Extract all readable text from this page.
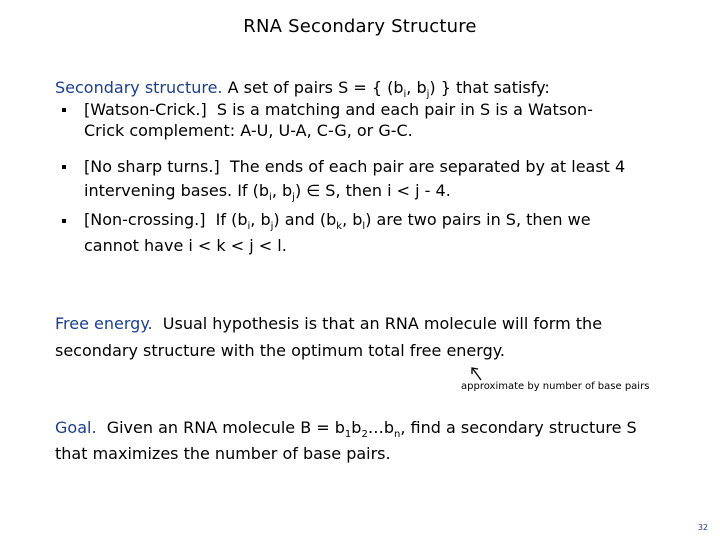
RNA Secondary Structure
Secondary structure. A set of pairs S = { ($b_i$, $b_j$) } that satisfy:
[Watson-Crick.] S is a matching and each pair in S is a Watson-
Crick complement: A-U, U-A, C-G, or G-C.
[No sharp turns.] The ends of each pair are separated by at least 4
intervening bases. If ($b_i$, $b_j$) ∈ S, then i < j - 4.
[Non-crossing.] If ($b_i$, $b_j$) and ($b_k$, $b_l$) are two pairs in S, then we
cannot have i < k < j < l.
Free energy. Usual hypothesis is that an RNA molecule will form the
secondary structure with the optimum total free energy.
approximate by number of base pairs
Goal. Given an RNA molecule $B = b_1b_2\dots b_n$, find a secondary structure S
that maximizes the number of base pairs.
32
